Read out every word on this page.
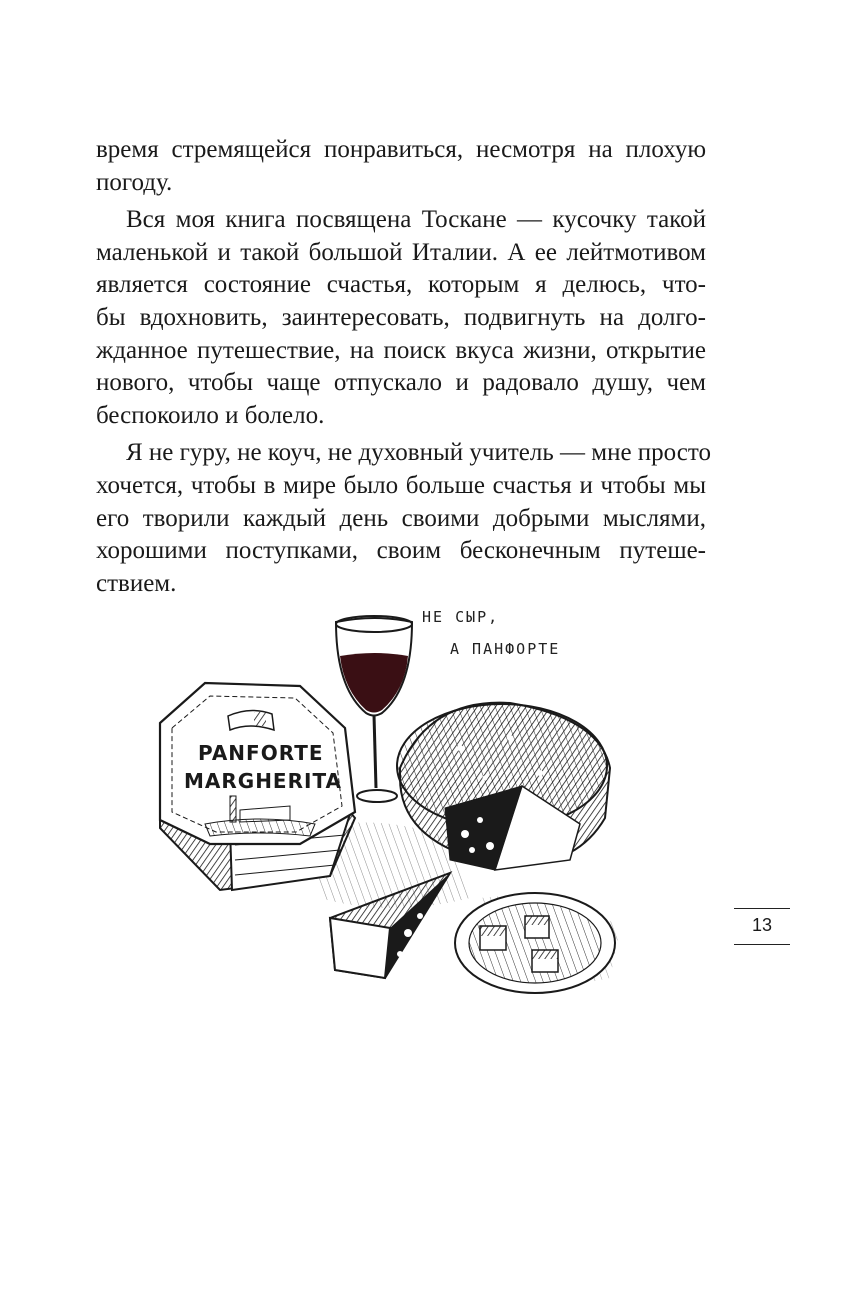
время стремящейся понравиться, несмотря на плохую
погоду.
Вся моя книга посвящена Тоскане — кусочку такой
маленькой и такой большой Италии. А ее лейтмотивом
является состояние счастья, которым я делюсь, что-
бы вдохновить, заинтересовать, подвигнуть на долго-
жданное путешествие, на поиск вкуса жизни, открытие
нового, чтобы чаще отпускало и радовало душу, чем
беспокоило и болело.
Я не гуру, не коуч, не духовный учитель — мне просто
хочется, чтобы в мире было больше счастья и чтобы мы
его творили каждый день своими добрыми мыслями,
хорошими поступками, своим бесконечным путеше-
ствием.
НЕ СЫР,
А ПАНФОРТЕ
PANFORTE
MARGHERITA
13
